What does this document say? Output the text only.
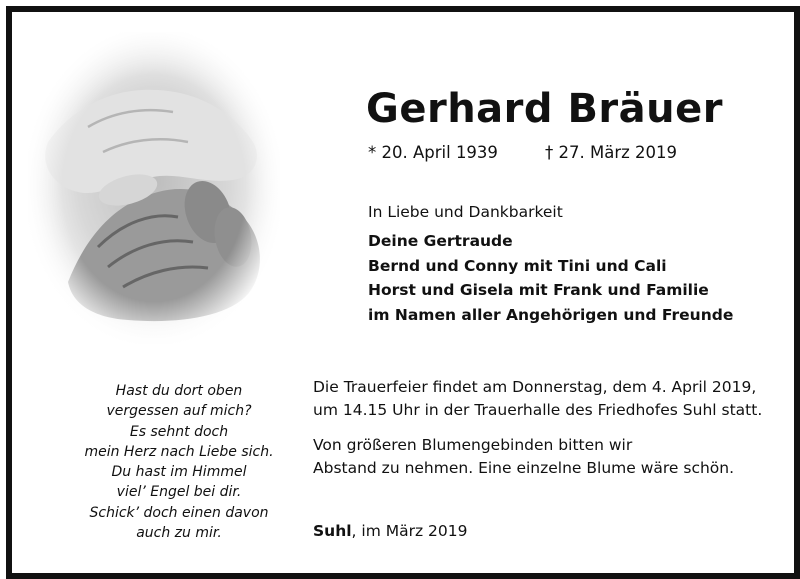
Gerhard Bräuer
* 20. April 1939	† 27. März 2019
In Liebe und Dankbarkeit
Deine Gertraude
Bernd und Conny mit Tini und Cali
Horst und Gisela mit Frank und Familie
im Namen aller Angehörigen und Freunde
Hast du dort oben
vergessen auf mich?
Es sehnt doch
mein Herz nach Liebe sich.
Du hast im Himmel
viel’ Engel bei dir.
Schick’ doch einen davon
auch zu mir.
Die Trauerfeier findet am Donnerstag, dem 4. April 2019,
um 14.15 Uhr in der Trauerhalle des Friedhofes Suhl statt.
Von größeren Blumengebinden bitten wir
Abstand zu nehmen. Eine einzelne Blume wäre schön.
Suhl, im März 2019
